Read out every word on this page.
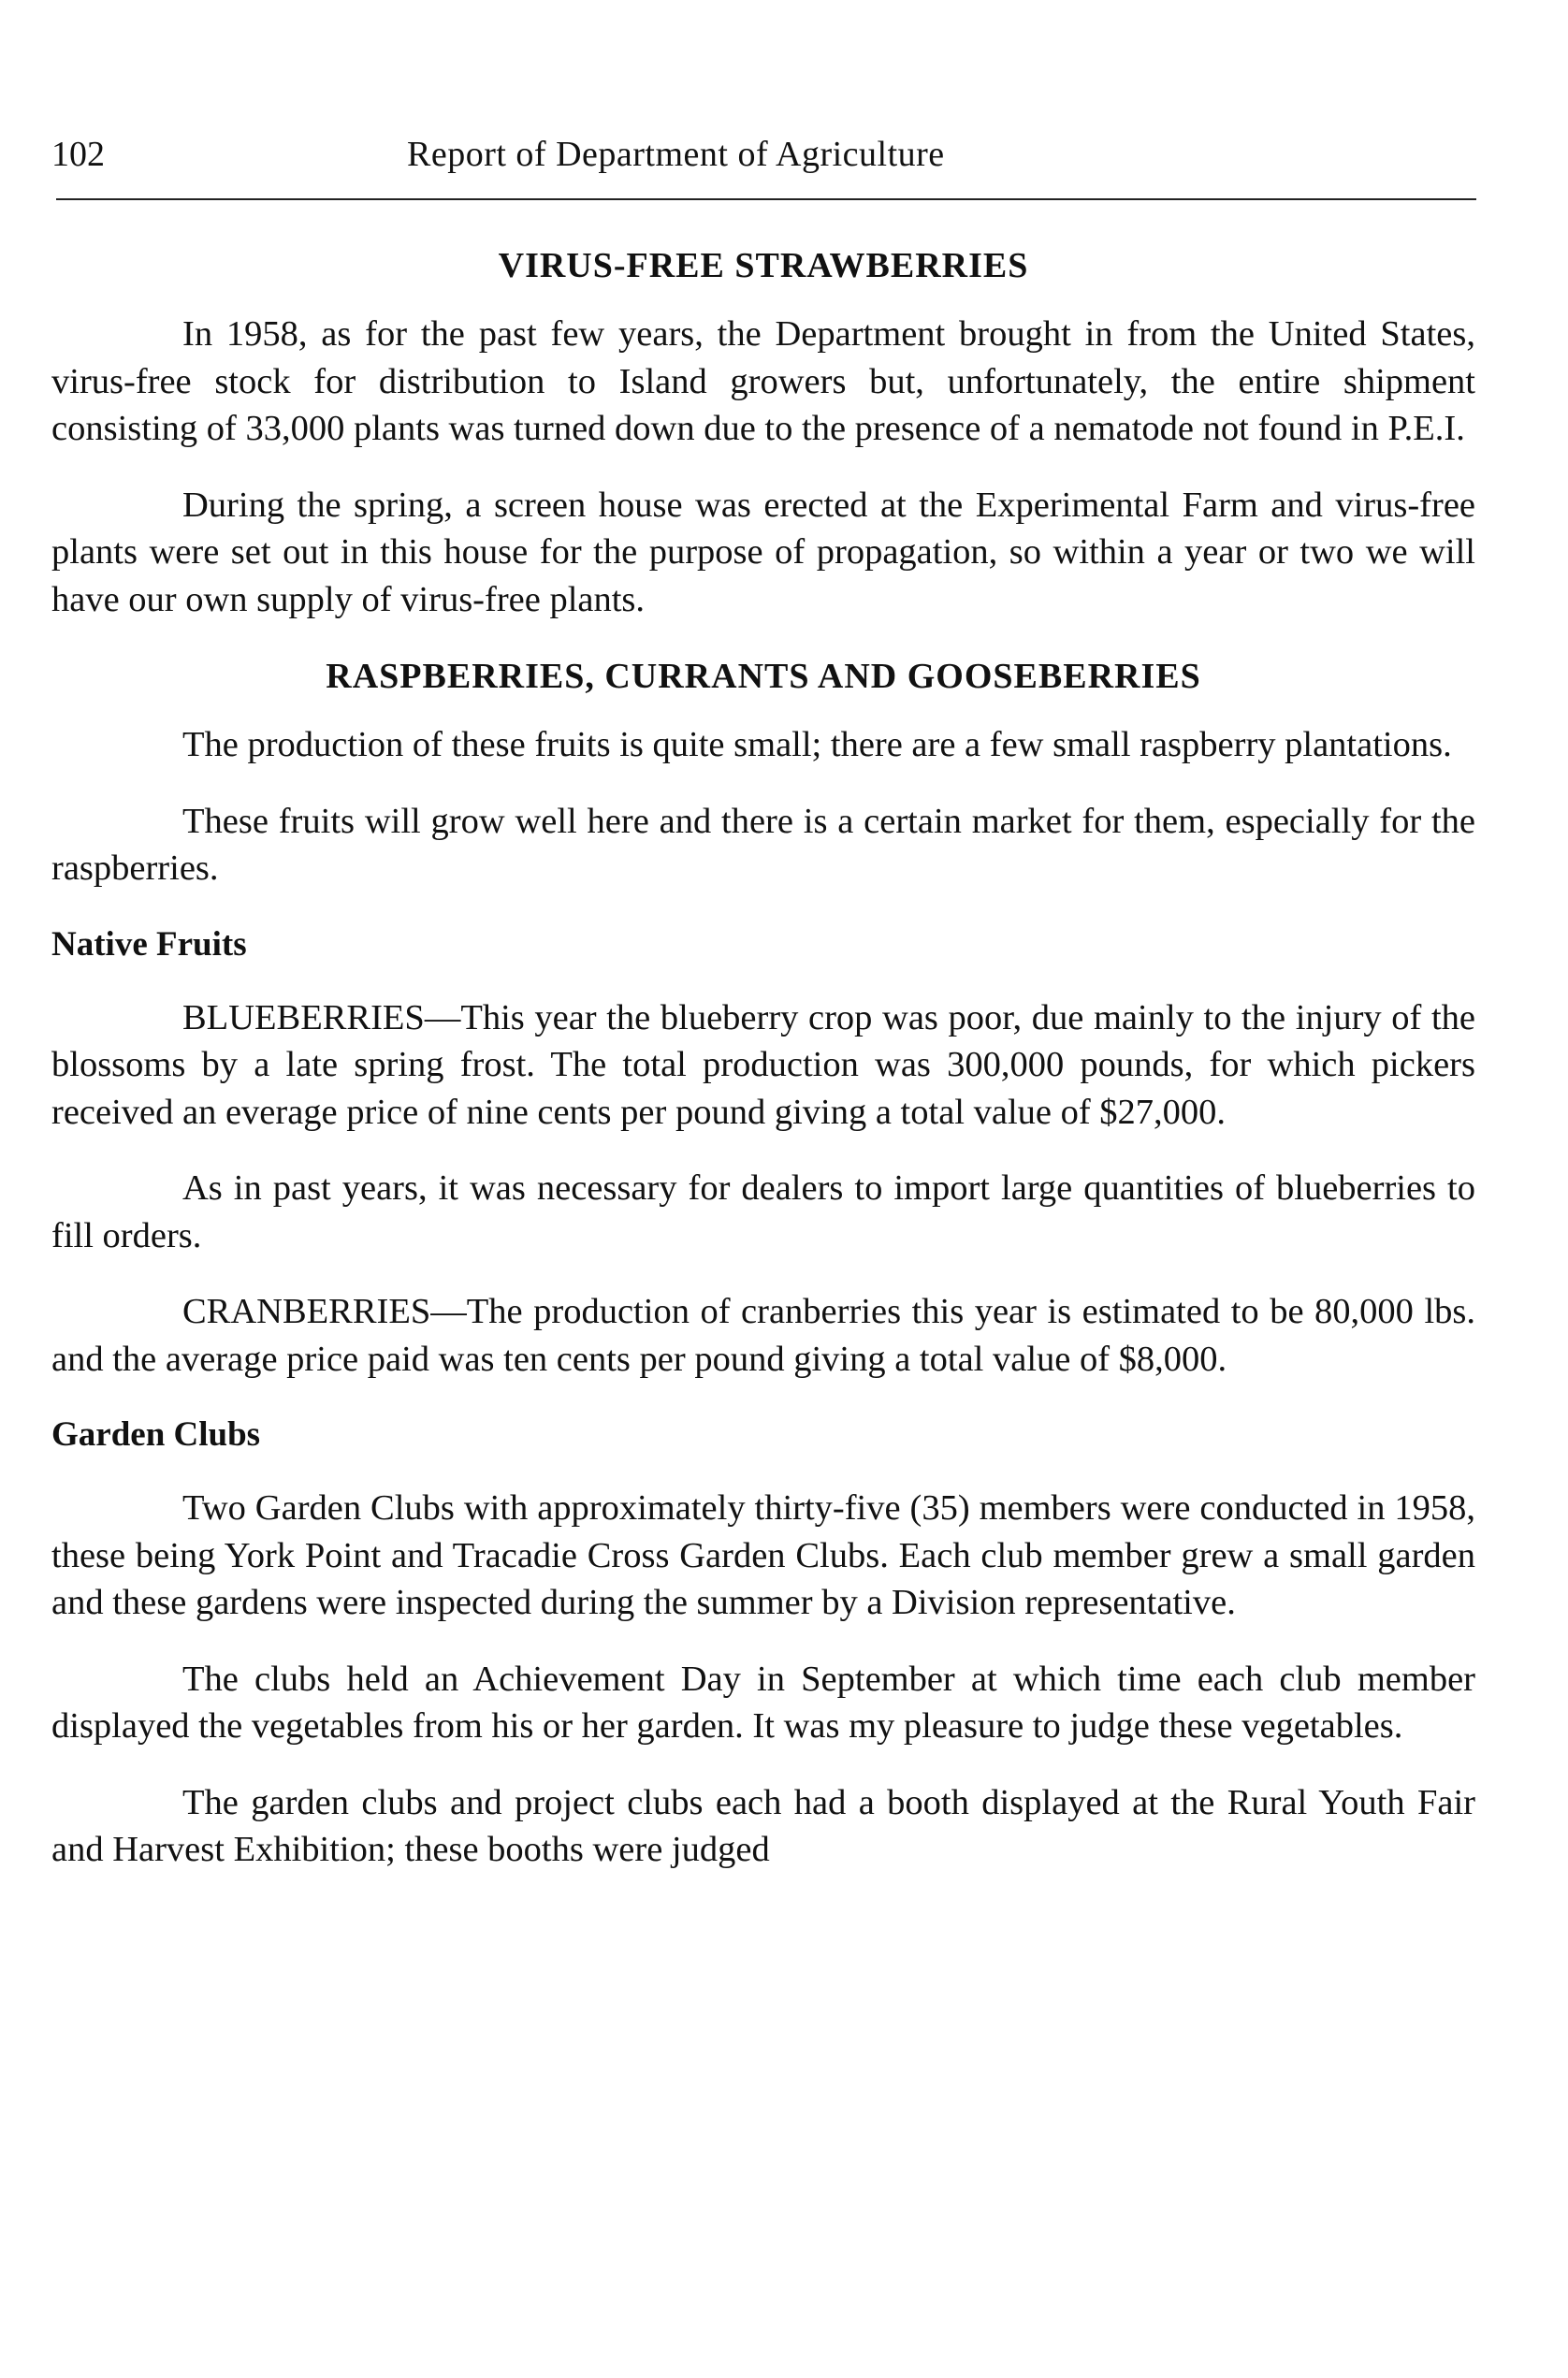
102	Report of Department of Agriculture
VIRUS-FREE STRAWBERRIES

In 1958, as for the past few years, the Department brought in from the United States, virus-free stock for distribution to Island growers but, unfortunately, the entire shipment consisting of 33,000 plants was turned down due to the presence of a nematode not found in P.E.I.

During the spring, a screen house was erected at the Experimental Farm and virus-free plants were set out in this house for the purpose of propagation, so within a year or two we will have our own supply of virus-free plants.

RASPBERRIES, CURRANTS AND GOOSEBERRIES

The production of these fruits is quite small; there are a few small raspberry plantations.

These fruits will grow well here and there is a certain market for them, especially for the raspberries.

Native Fruits

BLUEBERRIES—This year the blueberry crop was poor, due mainly to the injury of the blossoms by a late spring frost. The total production was 300,000 pounds, for which pickers received an everage price of nine cents per pound giving a total value of $27,000.

As in past years, it was necessary for dealers to import large quantities of blueberries to fill orders.

CRANBERRIES—The production of cranberries this year is estimated to be 80,000 lbs. and the average price paid was ten cents per pound giving a total value of $8,000.

Garden Clubs

Two Garden Clubs with approximately thirty-five (35) members were conducted in 1958, these being York Point and Tracadie Cross Garden Clubs. Each club member grew a small garden and these gardens were inspected during the summer by a Division representative.

The clubs held an Achievement Day in September at which time each club member displayed the vegetables from his or her garden. It was my pleasure to judge these vegetables.

The garden clubs and project clubs each had a booth displayed at the Rural Youth Fair and Harvest Exhibition; these booths were judged
